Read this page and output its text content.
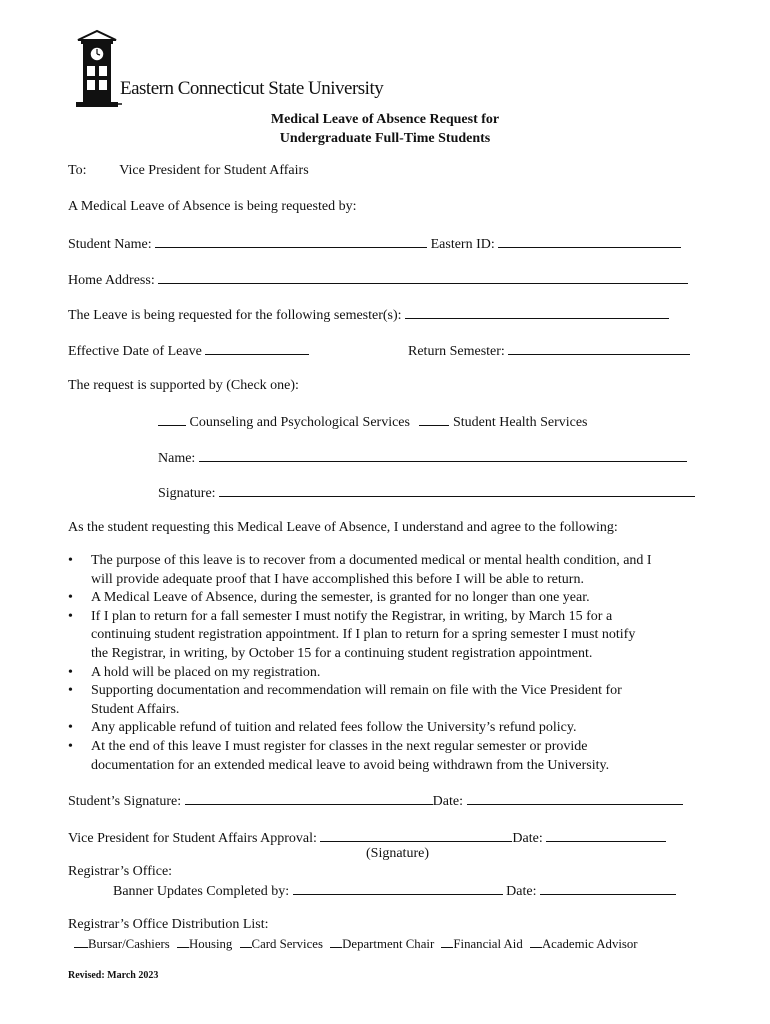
Eastern Connecticut State University
Medical Leave of Absence Request for
Undergraduate Full-Time Students
To: Vice President for Student Affairs
A Medical Leave of Absence is being requested by:
Student Name:	Eastern ID:
Home Address:
The Leave is being requested for the following semester(s):
Effective Date of Leave	Return Semester:
The request is supported by (Check one):
Counseling and Psychological Services	Student Health Services
Name:
Signature:
As the student requesting this Medical Leave of Absence, I understand and agree to the following:
• The purpose of this leave is to recover from a documented medical or mental health condition, and I
will provide adequate proof that I have accomplished this before I will be able to return.
• A Medical Leave of Absence, during the semester, is granted for no longer than one year.
• If I plan to return for a fall semester I must notify the Registrar, in writing, by March 15 for a
continuing student registration appointment. If I plan to return for a spring semester I must notify
the Registrar, in writing, by October 15 for a continuing student registration appointment.
• A hold will be placed on my registration.
• Supporting documentation and recommendation will remain on file with the Vice President for
Student Affairs.
• Any applicable refund of tuition and related fees follow the University’s refund policy.
• At the end of this leave I must register for classes in the next regular semester or provide
documentation for an extended medical leave to avoid being withdrawn from the University.
Student’s Signature:	Date:
Vice President for Student Affairs Approval:	Date:
(Signature)
Registrar’s Office:
Banner Updates Completed by:	Date:
Registrar’s Office Distribution List:
Bursar/Cashiers Housing Card Services Department Chair Financial Aid Academic Advisor
Revised: March 2023
